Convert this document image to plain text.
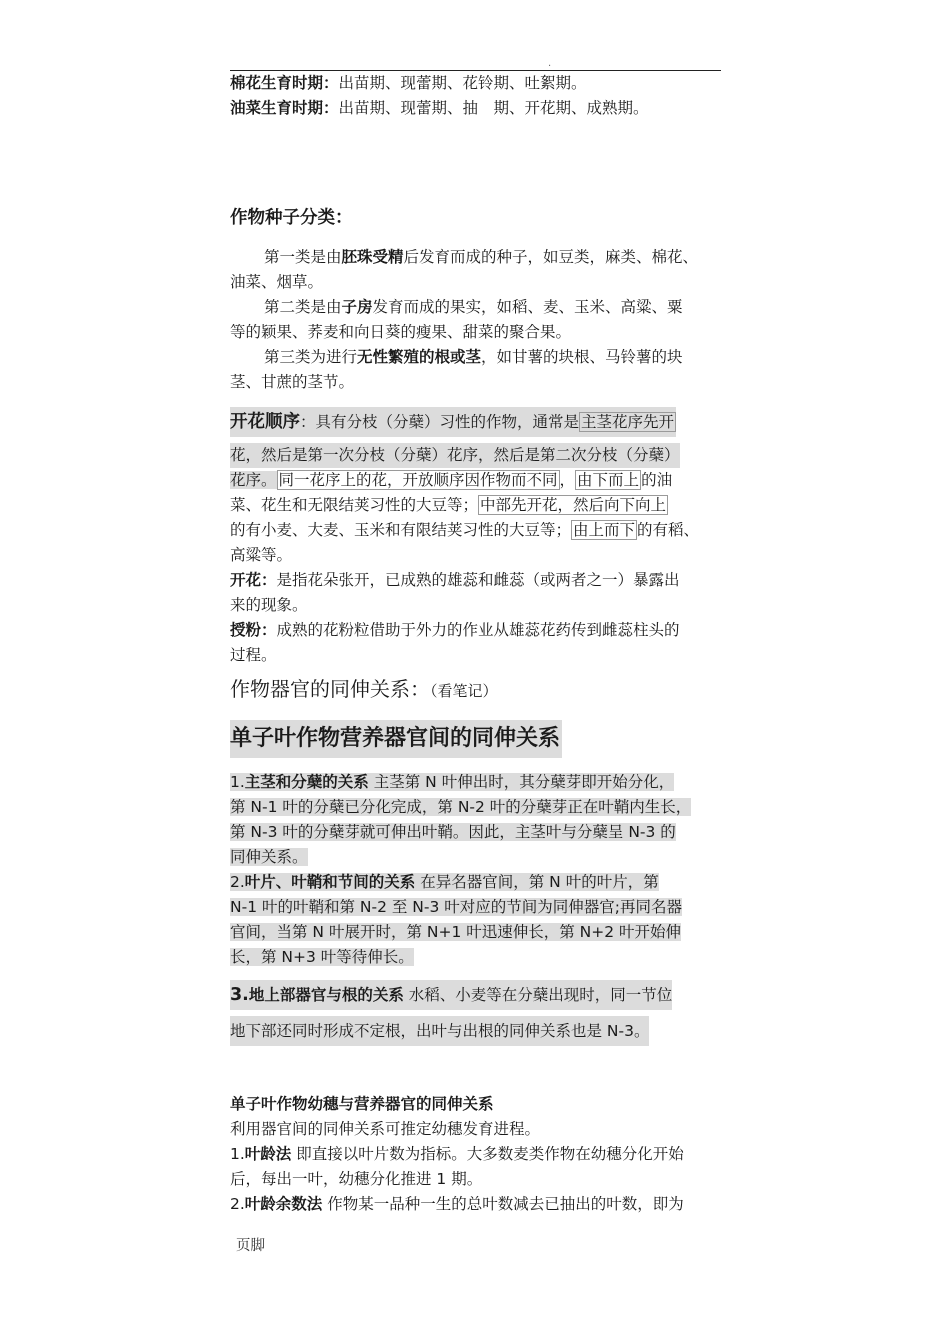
.
棉花生育时期：出苗期、现蕾期、花铃期、吐絮期。
油菜生育时期：出苗期、现蕾期、抽　期、开花期、成熟期。
作物种子分类：
第一类是由胚珠受精后发育而成的种子，如豆类，麻类、棉花、
油菜、烟草。
第二类是由子房发育而成的果实，如稻、麦、玉米、高粱、粟
等的颖果、荞麦和向日葵的瘦果、甜菜的聚合果。
第三类为进行无性繁殖的根或茎，如甘薯的块根、马铃薯的块
茎、甘蔗的茎节。
开花顺序：具有分枝（分蘖）习性的作物，通常是 主茎花序先开
花，然后是第一次分枝（分蘖）花序，然后是第二次分枝（分蘖）
花序。 同一花序上的花，开放顺序因作物而不同 ， 由下而上 的油
菜、花生和无限结荚习性的大豆等； 中部先开花，然后向下向上
的有小麦、大麦、玉米和有限结荚习性的大豆等； 由上而下 的有稻、
高粱等。
开花：是指花朵张开，已成熟的雄蕊和雌蕊（或两者之一）暴露出
来的现象。
授粉：成熟的花粉粒借助于外力的作业从雄蕊花药传到雌蕊柱头的
过程。
作物器官的同伸关系：（看笔记）
单子叶作物营养器官间的同伸关系
1.主茎和分蘖的关系 主茎第 N 叶伸出时，其分蘖芽即开始分化，
第 N-1 叶的分蘖已分化完成，第 N-2 叶的分蘖芽正在叶鞘内生长，
第 N-3 叶的分蘖芽就可伸出叶鞘。因此，主茎叶与分蘖呈 N-3 的
同伸关系。
2.叶片、叶鞘和节间的关系 在异名器官间，第 N 叶的叶片，第
N-1 叶的叶鞘和第 N-2 至 N-3 叶对应的节间为同伸器官;再同名器
官间，当第 N 叶展开时，第 N+1 叶迅速伸长，第 N+2 叶开始伸
长，第 N+3 叶等待伸长。
3.地上部器官与根的关系 水稻、小麦等在分蘖出现时，同一节位
地下部还同时形成不定根，出叶与出根的同伸关系也是 N-3。
单子叶作物幼穗与营养器官的同伸关系
利用器官间的同伸关系可推定幼穗发育进程。
1.叶龄法 即直接以叶片数为指标。大多数麦类作物在幼穗分化开始
后，每出一叶，幼穗分化推进 1 期。
2.叶龄余数法 作物某一品种一生的总叶数减去已抽出的叶数，即为
页脚
